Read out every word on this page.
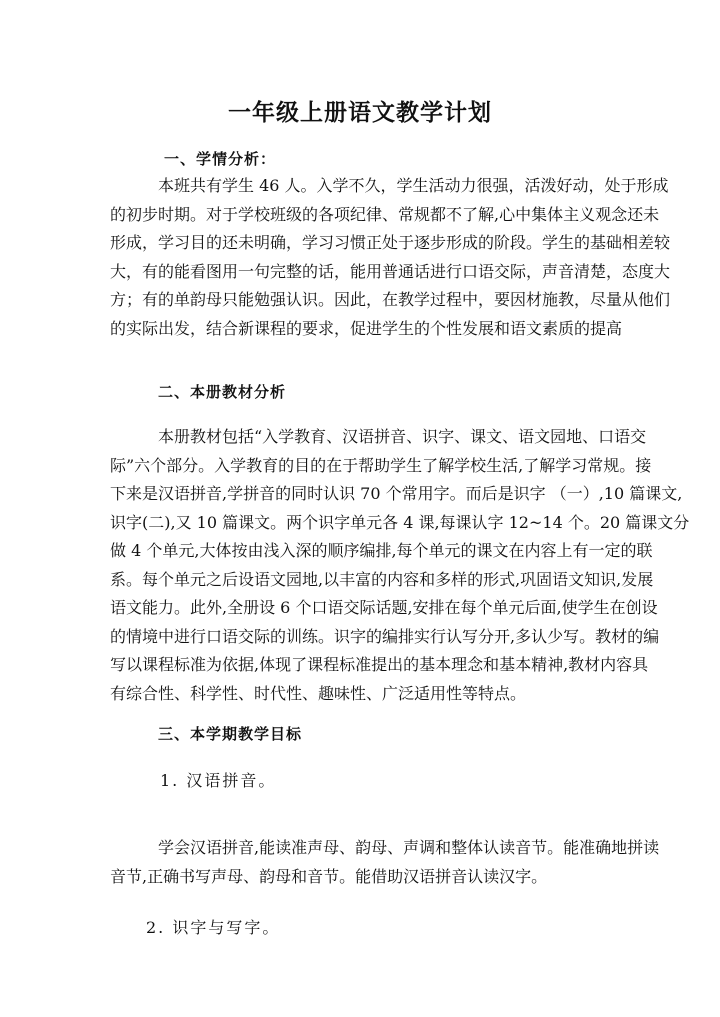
一年级上册语文教学计划
一、学情分析：
本班共有学生 46 人。入学不久，学生活动力很强，活泼好动，处于形成
的初步时期。对于学校班级的各项纪律、常规都不了解,心中集体主义观念还未
形成，学习目的还未明确，学习习惯正处于逐步形成的阶段。学生的基础相差较
大，有的能看图用一句完整的话，能用普通话进行口语交际，声音清楚，态度大
方；有的单韵母只能勉强认识。因此，在教学过程中，要因材施教，尽量从他们
的实际出发，结合新课程的要求，促进学生的个性发展和语文素质的提高
二、本册教材分析
本册教材包括“入学教育、汉语拼音、识字、课文、语文园地、口语交
际”六个部分。入学教育的目的在于帮助学生了解学校生活,了解学习常规。接
下来是汉语拼音,学拼音的同时认识 70 个常用字。而后是识字 （一）,10 篇课文,
识字(二),又 10 篇课文。两个识字单元各 4 课,每课认字 12~14 个。20 篇课文分
做 4 个单元,大体按由浅入深的顺序编排,每个单元的课文在内容上有一定的联
系。每个单元之后设语文园地,以丰富的内容和多样的形式,巩固语文知识,发展
语文能力。此外,全册设 6 个口语交际话题,安排在每个单元后面,使学生在创设
的情境中进行口语交际的训练。识字的编排实行认写分开,多认少写。教材的编
写以课程标准为依据,体现了课程标准提出的基本理念和基本精神,教材内容具
有综合性、科学性、时代性、趣味性、广泛适用性等特点。
三、本学期教学目标
1. 汉语拼音。
学会汉语拼音,能读准声母、韵母、声调和整体认读音节。能准确地拼读
音节,正确书写声母、韵母和音节。能借助汉语拼音认读汉字。
2. 识字与写字。
